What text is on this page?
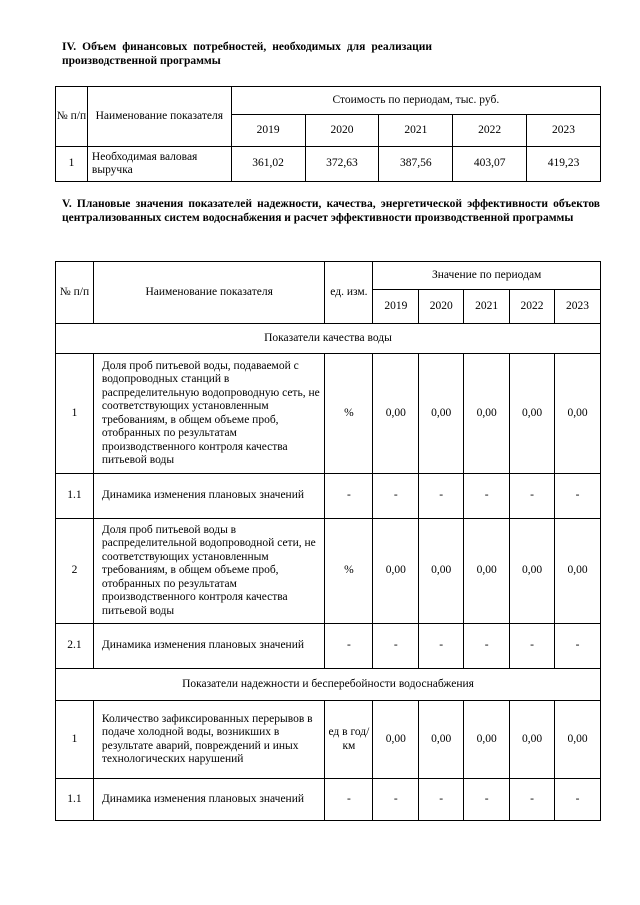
IV. Объем финансовых потребностей, необходимых для реализации производственной программы
№ п/п	Наименование показателя	Стоимость по периодам, тыс. руб.				
		2019	2020	2021	2022	2023
1	Необходимая валовая выручка	361,02	372,63	387,56	403,07	419,23
V. Плановые значения показателей надежности, качества, энергетической эффективности объектов централизованных систем водоснабжения и расчет эффективности производственной программы
№ п/п	Наименование показателя	ед. изм.	Значение по периодам				
			2019	2020	2021	2022	2023
Показатели качества воды							
1	Доля проб питьевой воды, подаваемой с водопроводных станций в распределительную водопроводную сеть, не соответствующих установленным требованиям, в общем объеме проб, отобранных по результатам производственного контроля качества питьевой воды	%	0,00	0,00	0,00	0,00	0,00
1.1	Динамика изменения плановых значений	-	-	-	-	-	-
2	Доля проб питьевой воды в распределительной водопроводной сети, не соответствующих установленным требованиям, в общем объеме проб, отобранных по результатам производственного контроля качества питьевой воды	%	0,00	0,00	0,00	0,00	0,00
2.1	Динамика изменения плановых значений	-	-	-	-	-	-
Показатели надежности и бесперебойности водоснабжения							
1	Количество зафиксированных перерывов в подаче холодной воды, возникших в результате аварий, повреждений и иных технологических нарушений	ед в год/ км	0,00	0,00	0,00	0,00	0,00
1.1	Динамика изменения плановых значений	-	-	-	-	-	-
